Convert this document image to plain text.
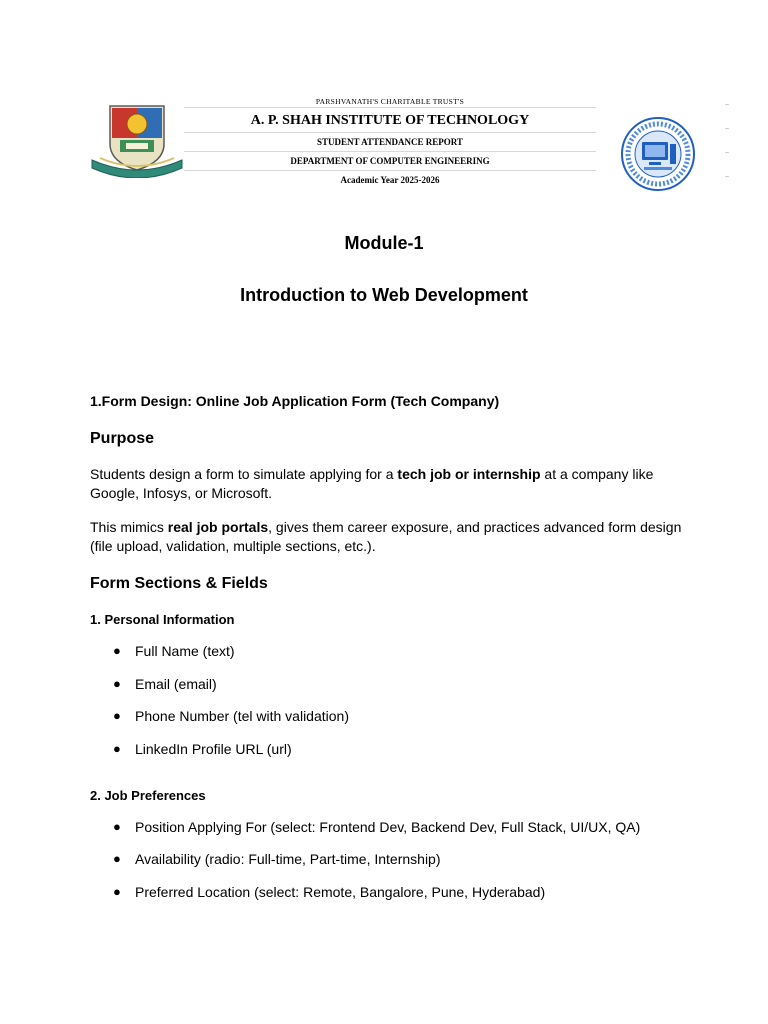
PARSHVANATH'S CHARITABLE TRUST'S
A. P. SHAH INSTITUTE OF TECHNOLOGY
STUDENT ATTENDANCE REPORT
DEPARTMENT OF COMPUTER ENGINEERING
Academic Year 2025-2026
Module-1
Introduction to Web Development
1.Form Design: Online Job Application Form (Tech Company)
Purpose

Students design a form to simulate applying for a tech job or internship at a company like Google, Infosys, or Microsoft.

This mimics real job portals, gives them career exposure, and practices advanced form design (file upload, validation, multiple sections, etc.).

Form Sections & Fields
1. Personal Information
● Full Name (text)
● Email (email)
● Phone Number (tel with validation)
● LinkedIn Profile URL (url)
2. Job Preferences
● Position Applying For (select: Frontend Dev, Backend Dev, Full Stack, UI/UX, QA)
● Availability (radio: Full-time, Part-time, Internship)
● Preferred Location (select: Remote, Bangalore, Pune, Hyderabad)
